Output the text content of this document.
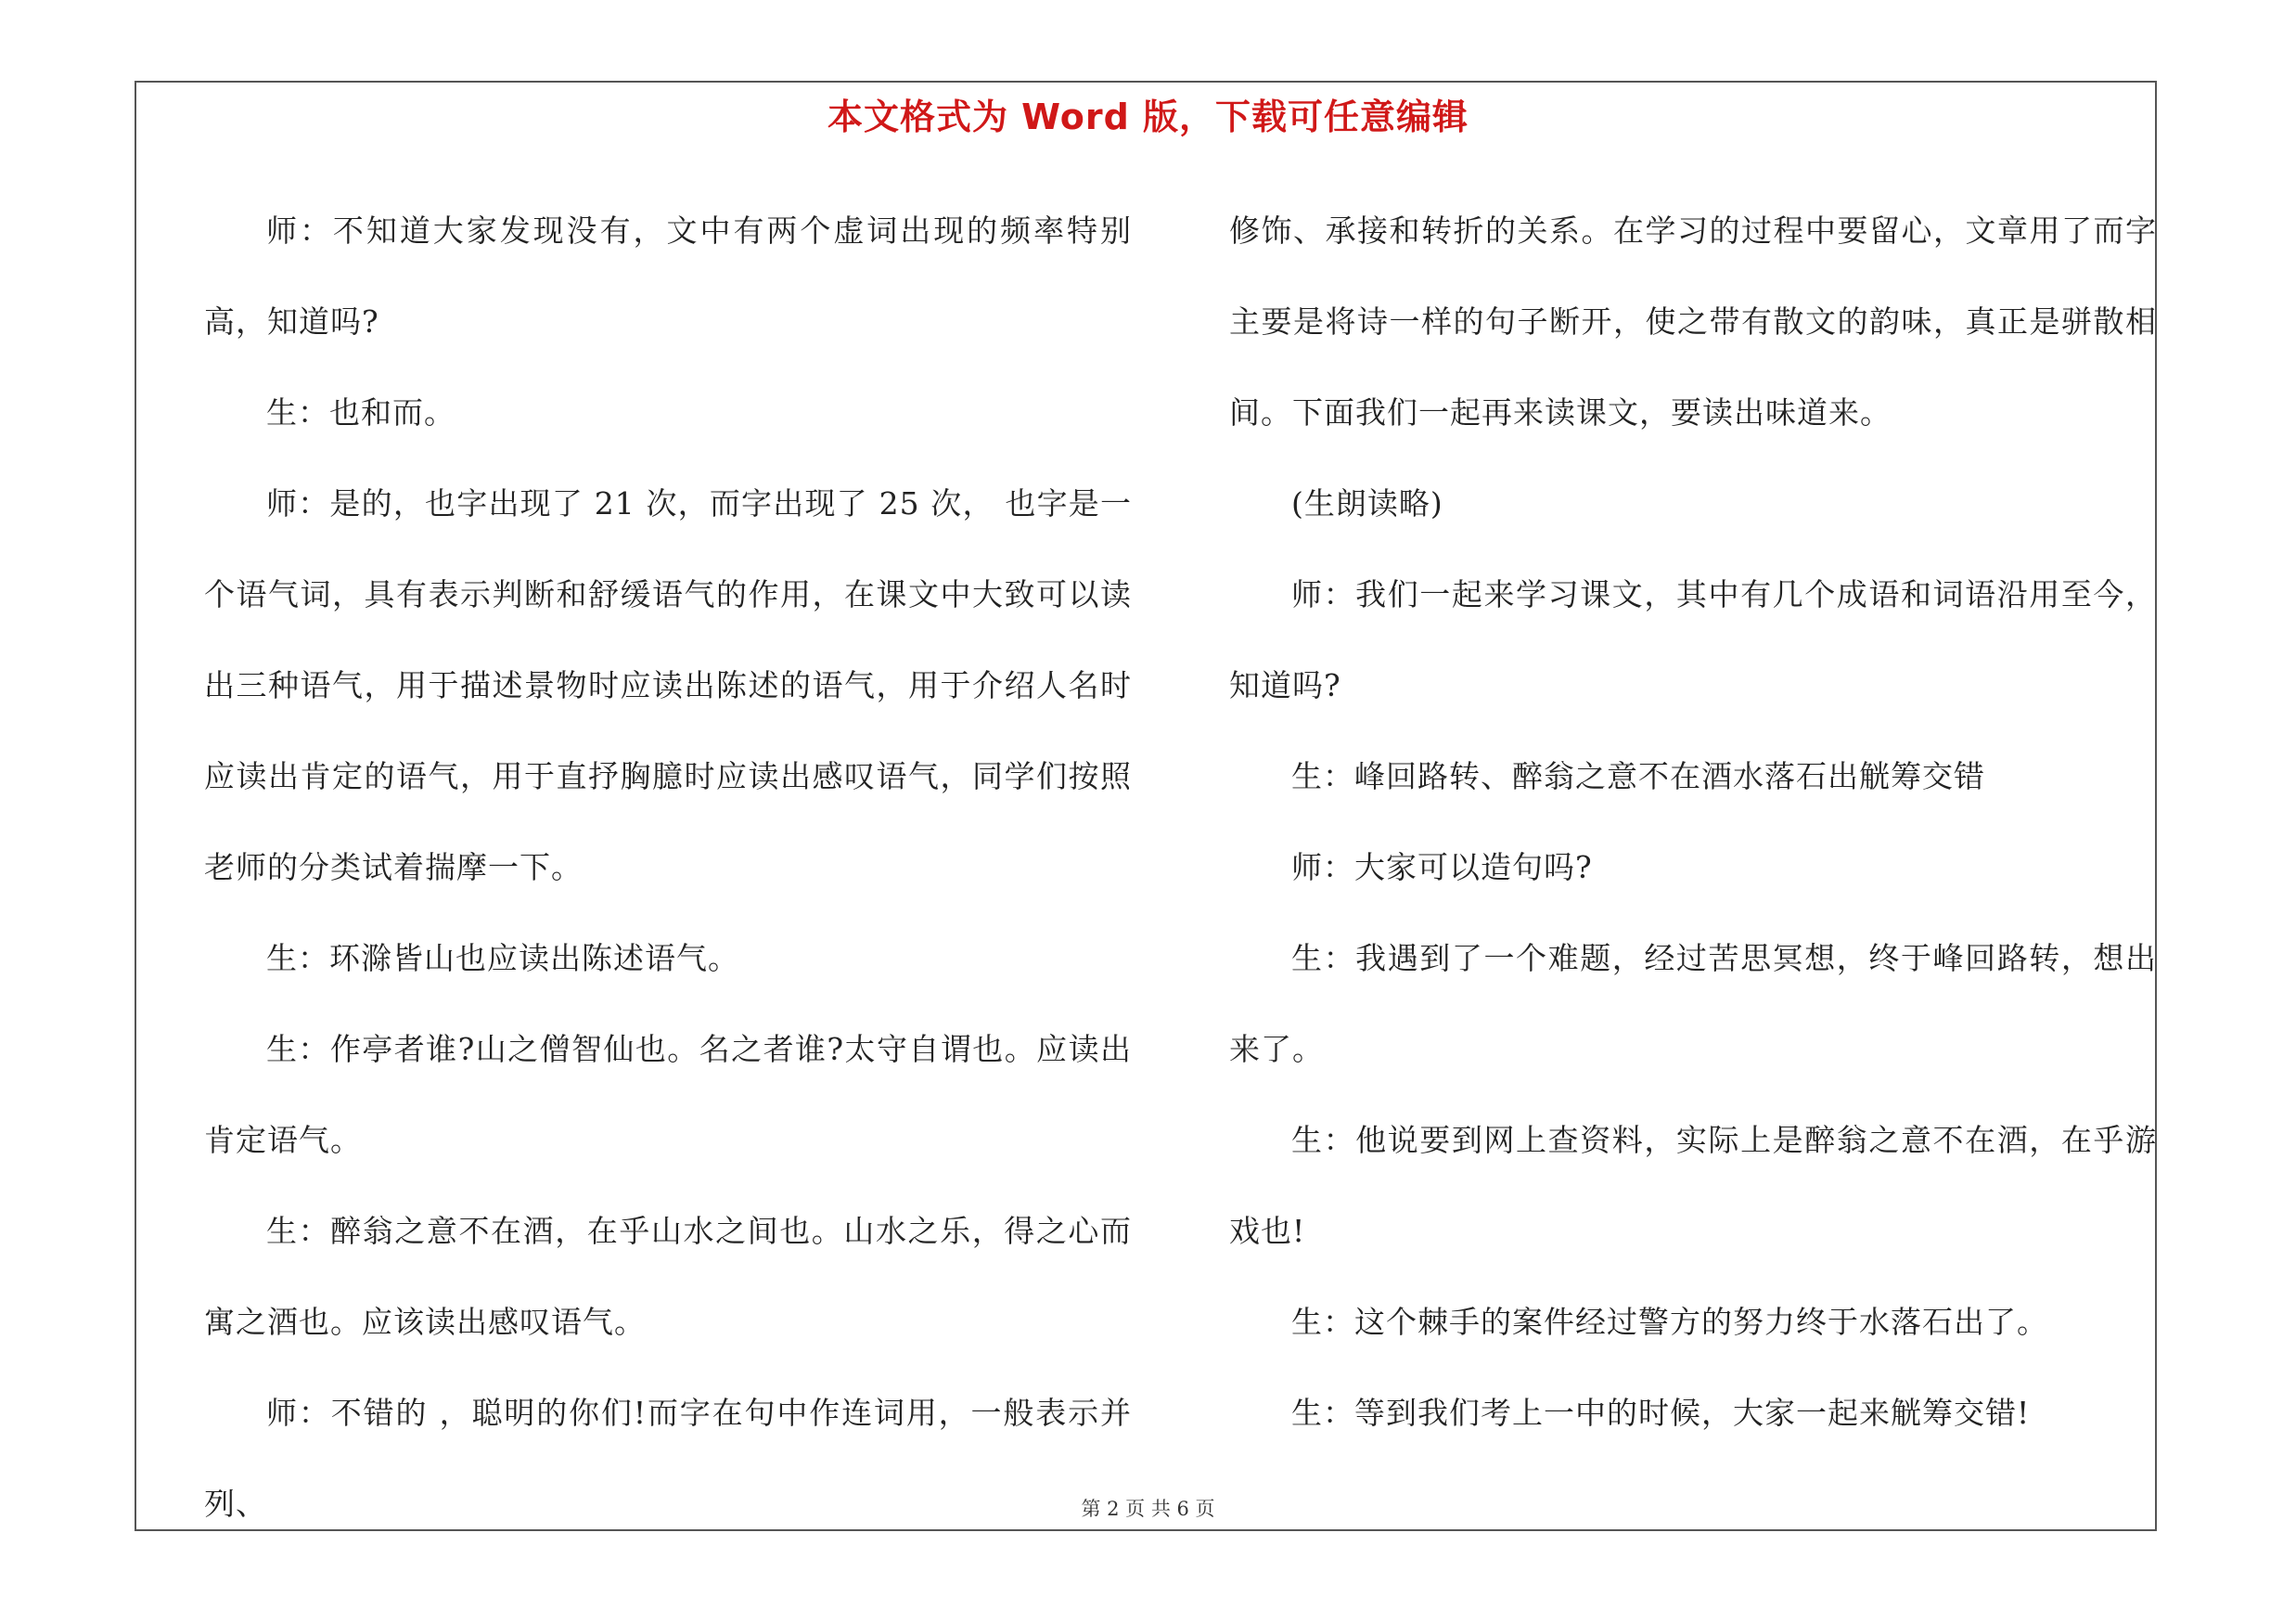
本文格式为 Word 版，下载可任意编辑

师：不知道大家发现没有，文中有两个虚词出现的频率特别高，知道吗?

生：也和而。

师：是的，也字出现了 21 次，而字出现了 25 次， 也字是一个语气词，具有表示判断和舒缓语气的作用，在课文中大致可以读出三种语气，用于描述景物时应读出陈述的语气，用于介绍人名时应读出肯定的语气，用于直抒胸臆时应读出感叹语气，同学们按照老师的分类试着揣摩一下。

生：环滁皆山也应读出陈述语气。

生：作亭者谁?山之僧智仙也。名之者谁?太守自谓也。应读出肯定语气。

生：醉翁之意不在酒，在乎山水之间也。山水之乐，得之心而寓之酒也。应该读出感叹语气。

师：不错的 ，聪明的你们!而字在句中作连词用，一般表示并列、

修饰、承接和转折的关系。在学习的过程中要留心，文章用了而字主要是将诗一样的句子断开，使之带有散文的韵味，真正是骈散相间。下面我们一起再来读课文，要读出味道来。

(生朗读略)

师：我们一起来学习课文，其中有几个成语和词语沿用至今，知道吗?

生：峰回路转、醉翁之意不在酒水落石出觥筹交错

师：大家可以造句吗?

生：我遇到了一个难题，经过苦思冥想，终于峰回路转，想出来了。

生：他说要到网上查资料，实际上是醉翁之意不在酒，在乎游戏也!

生：这个棘手的案件经过警方的努力终于水落石出了。

生：等到我们考上一中的时候，大家一起来觥筹交错!

第 2 页 共 6 页
